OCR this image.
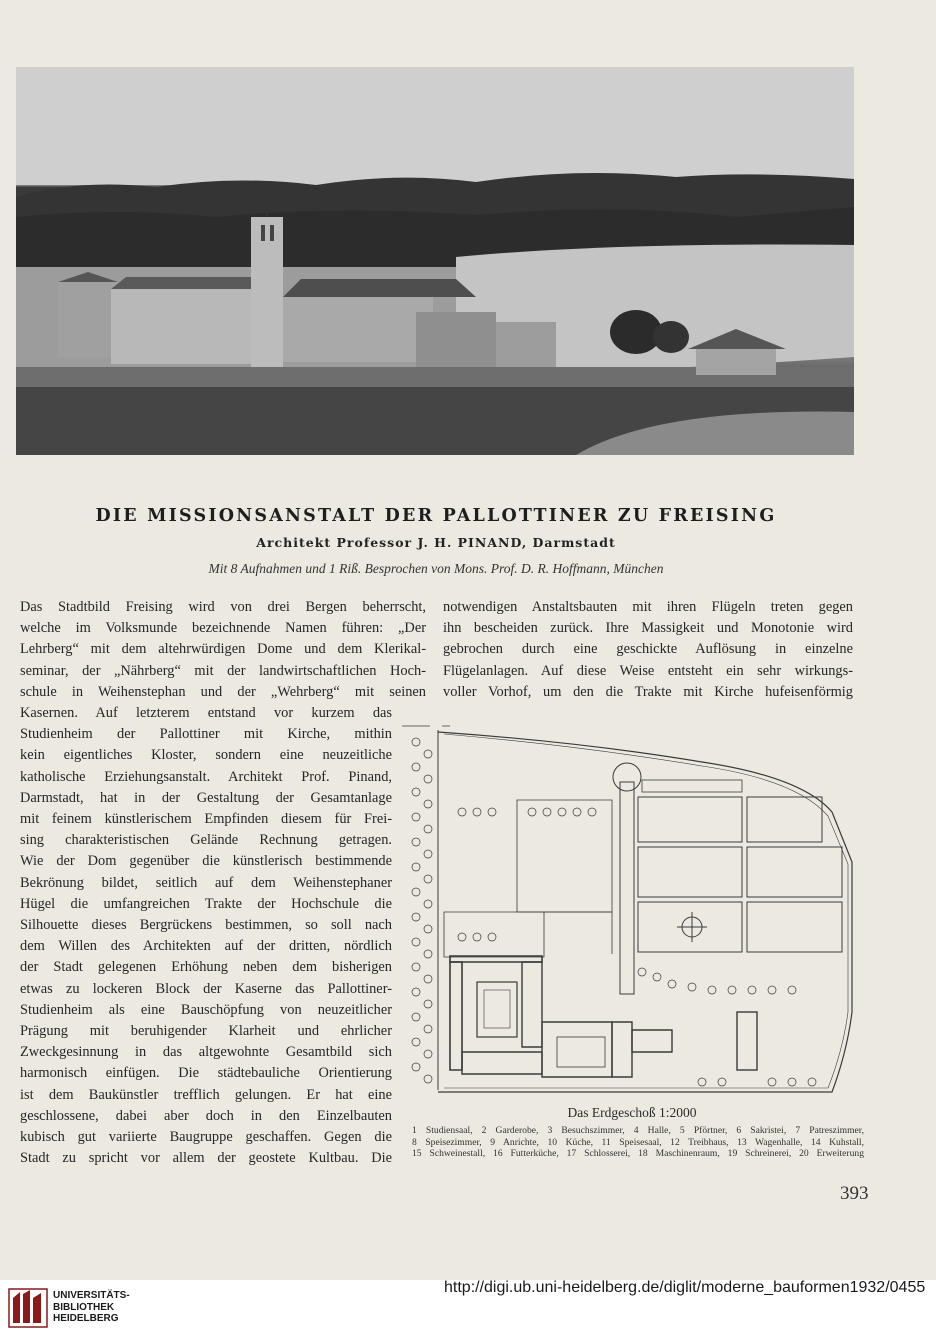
DIE MISSIONSANSTALT DER PALLOTTINER ZU FREISING
Architekt Professor J. H. PINAND, Darmstadt
Mit 8 Aufnahmen und 1 Riß. Besprochen von Mons. Prof. D. R. Hoffmann, München
Das Stadtbild Freising wird von drei Bergen beherrscht,
welche im Volksmunde bezeichnende Namen führen: „Der
Lehrberg“ mit dem altehrwürdigen Dome und dem Klerikal-
seminar, der „Nährberg“ mit der landwirtschaftlichen Hoch-
schule in Weihenstephan und der „Wehrberg“ mit seinen
Kasernen. Auf letzterem entstand vor kurzem das
Studienheim der Pallottiner mit Kirche, mithin
kein eigentliches Kloster, sondern eine neuzeitliche
katholische Erziehungsanstalt. Architekt Prof. Pinand,
Darmstadt, hat in der Gestaltung der Gesamtanlage
mit feinem künstlerischem Empfinden diesem für Frei-
sing charakteristischen Gelände Rechnung getragen.
Wie der Dom gegenüber die künstlerisch bestimmende
Bekrönung bildet, seitlich auf dem Weihenstephaner
Hügel die umfangreichen Trakte der Hochschule die
Silhouette dieses Bergrückens bestimmen, so soll nach
dem Willen des Architekten auf der dritten, nördlich
der Stadt gelegenen Erhöhung neben dem bisherigen
etwas zu lockeren Block der Kaserne das Pallottiner-
Studienheim als eine Bauschöpfung von neuzeitlicher
Prägung mit beruhigender Klarheit und ehrlicher
Zweckgesinnung in das altgewohnte Gesamtbild sich
harmonisch einfügen. Die städtebauliche Orientierung
ist dem Baukünstler trefflich gelungen. Er hat eine
geschlossene, dabei aber doch in den Einzelbauten
kubisch gut variierte Baugruppe geschaffen. Gegen die
Stadt zu spricht vor allem der geostete Kultbau. Die
notwendigen Anstaltsbauten mit ihren Flügeln treten gegen
ihn bescheiden zurück. Ihre Massigkeit und Monotonie wird
gebrochen durch eine geschickte Auflösung in einzelne
Flügelanlagen. Auf diese Weise entsteht ein sehr wirkungs-
voller Vorhof, um den die Trakte mit Kirche hufeisenförmig
Das Erdgeschoß 1:2000
1 Studiensaal, 2 Garderobe, 3 Besuchszimmer, 4 Halle, 5 Pförtner, 6 Sakristei, 7 Patreszimmer,
8 Speisezimmer, 9 Anrichte, 10 Küche, 11 Speisesaal, 12 Treibhaus, 13 Wagenhalle, 14 Kuhstall,
15 Schweinestall, 16 Futterküche, 17 Schlosserei, 18 Maschinenraum, 19 Schreinerei, 20 Erweiterung
393
UNIVERSITÄTS-
BIBLIOTHEK
HEIDELBERG
http://digi.ub.uni-heidelberg.de/diglit/moderne_bauformen1932/0455
